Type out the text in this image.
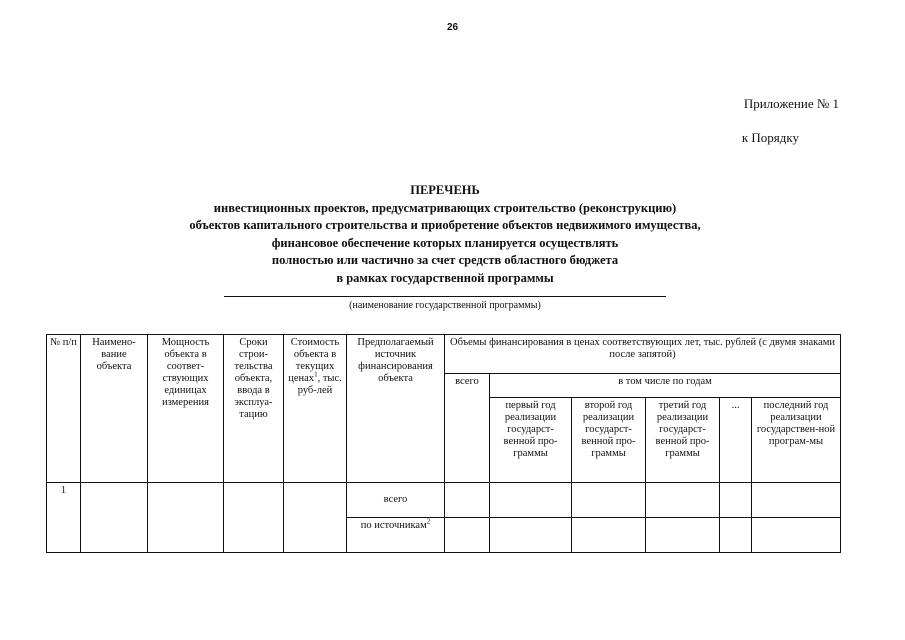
26
Приложение № 1
к Порядку
ПЕРЕЧЕНЬ
инвестиционных проектов, предусматривающих строительство (реконструкцию)
объектов капитального строительства и приобретение объектов недвижимого имущества,
финансовое обеспечение которых планируется осуществлять
полностью или частично за счет средств областного бюджета
в рамках государственной программы
(наименование государственной программы)
№ п/п	Наимено-вание объекта	Мощность объекта в соответ-ствующих единицах измерения	Сроки строи-тельства объекта, ввода в эксплуа-тацию	Стоимость объекта в текущих ценах$^1$, тыс. руб-лей	Предполагаемый источник финансирования объекта	Объемы финансирования в ценах соответствующих лет, тыс. рублей (с двумя знаками после запятой)					
						всего	в том числе по годам				
							первый год реализации государст-венной про-граммы	второй год реализации государст-венной про-граммы	третий год реализации государст-венной про-граммы	...	последний год реализации государствен-ной програм-мы
1					всего						
					по источникам$^2$						
